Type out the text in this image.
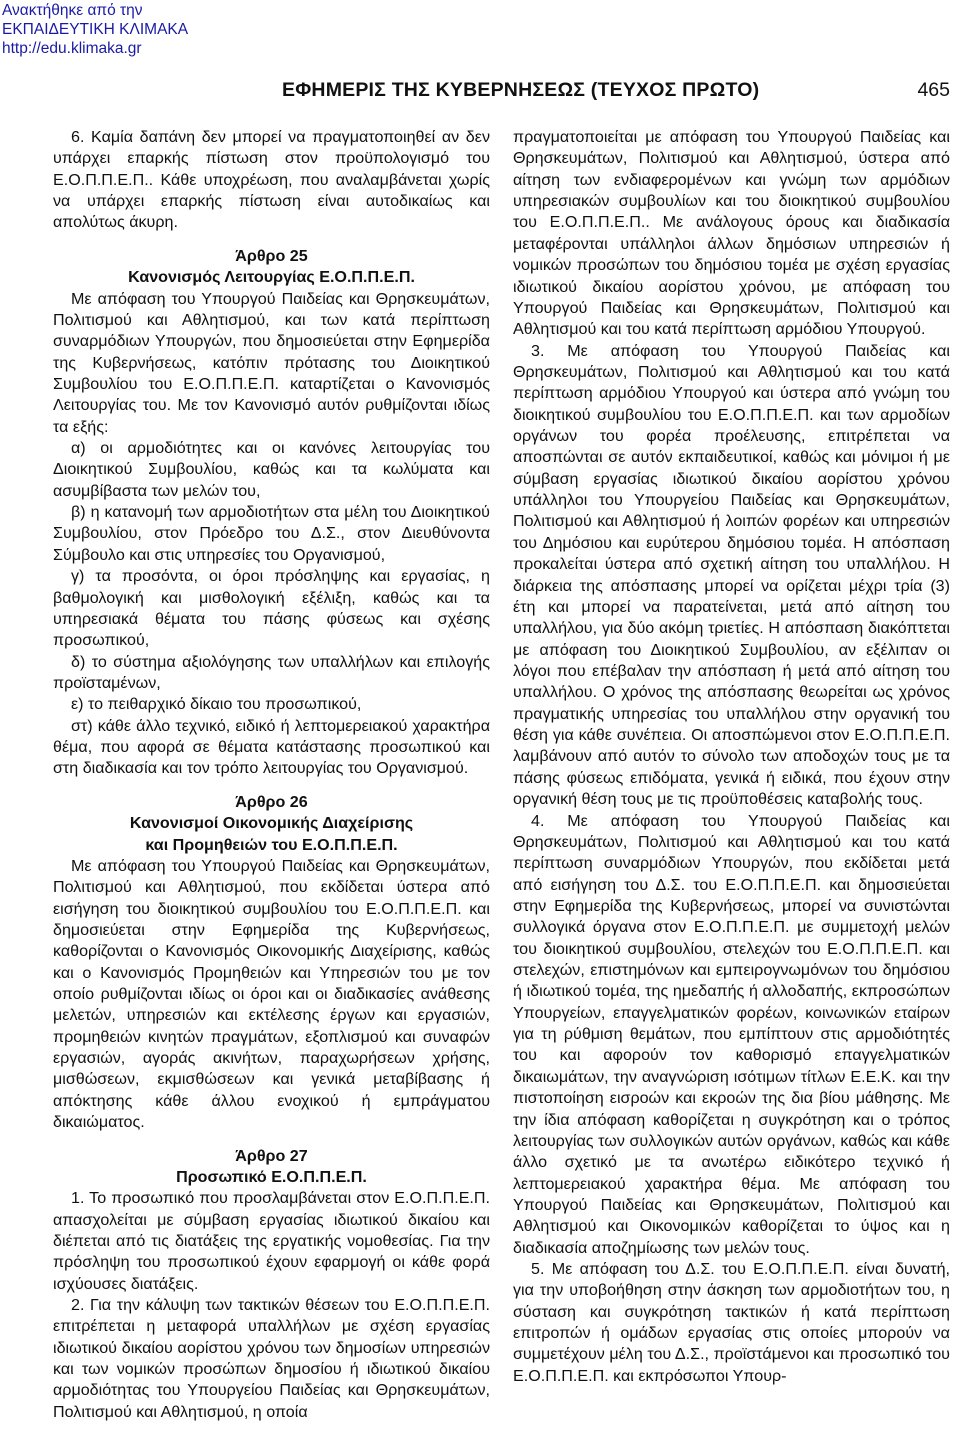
Ανακτήθηκε από την
ΕΚΠΑΙΔΕΥΤΙΚΗ ΚΛΙΜΑΚΑ
http://edu.klimaka.gr
ΕΦΗΜΕΡΙΣ ΤΗΣ ΚΥΒΕΡΝΗΣΕΩΣ (ΤΕΥΧΟΣ ΠΡΩΤΟ)	465

6. Καμία δαπάνη δεν μπορεί να πραγματοποιηθεί αν δεν υπάρχει επαρκής πίστωση στον προϋπολογισμό του Ε.Ο.Π.Π.Ε.Π.. Κάθε υποχρέωση, που αναλαμβάνεται χωρίς να υπάρχει επαρκής πίστωση είναι αυτοδικαίως και απολύτως άκυρη.

Άρθρο 25

Κανονισμός Λειτουργίας Ε.Ο.Π.Π.Ε.Π.

Με απόφαση του Υπουργού Παιδείας και Θρησκευμάτων, Πολιτισμού και Αθλητισμού, και των κατά περίπτωση συναρμόδιων Υπουργών, που δημοσιεύεται στην Εφημερίδα της Κυβερνήσεως, κατόπιν πρότασης του Διοικητικού Συμβουλίου του Ε.Ο.Π.Π.Ε.Π. καταρτίζεται ο Κανονισμός Λειτουργίας του. Με τον Κανονισμό αυτόν ρυθμίζονται ιδίως τα εξής:

α) οι αρμοδιότητες και οι κανόνες λειτουργίας του Διοικητικού Συμβουλίου, καθώς και τα κωλύματα και ασυμβίβαστα των μελών του,

β) η κατανομή των αρμοδιοτήτων στα μέλη του Διοικητικού Συμβουλίου, στον Πρόεδρο του Δ.Σ., στον Διευθύνοντα Σύμβουλο και στις υπηρεσίες του Οργανισμού,

γ) τα προσόντα, οι όροι πρόσληψης και εργασίας, η βαθμολογική και μισθολογική εξέλιξη, καθώς και τα υπηρεσιακά θέματα του πάσης φύσεως και σχέσης προσωπικού,

δ) το σύστημα αξιολόγησης των υπαλλήλων και επιλογής προϊσταμένων,

ε) το πειθαρχικό δίκαιο του προσωπικού,

στ) κάθε άλλο τεχνικό, ειδικό ή λεπτομερειακού χαρακτήρα θέμα, που αφορά σε θέματα κατάστασης προσωπικού και στη διαδικασία και τον τρόπο λειτουργίας του Οργανισμού.

Άρθρο 26

Κανονισμοί Οικονομικής Διαχείρισης

και Προμηθειών του Ε.Ο.Π.Π.Ε.Π.

Με απόφαση του Υπουργού Παιδείας και Θρησκευμάτων, Πολιτισμού και Αθλητισμού, που εκδίδεται ύστερα από εισήγηση του διοικητικού συμβουλίου του Ε.Ο.Π.Π.Ε.Π. και δημοσιεύεται στην Εφημερίδα της Κυβερνήσεως, καθορίζονται ο Κανονισμός Οικονομικής Διαχείρισης, καθώς και ο Κανονισμός Προμηθειών και Υπηρεσιών του με τον οποίο ρυθμίζονται ιδίως οι όροι και οι διαδικασίες ανάθεσης μελετών, υπηρεσιών και εκτέλεσης έργων και εργασιών, προμηθειών κινητών πραγμάτων, εξοπλισμού και συναφών εργασιών, αγοράς ακινήτων, παραχωρήσεων χρήσης, μισθώσεων, εκμισθώσεων και γενικά μεταβίβασης ή απόκτησης κάθε άλλου ενοχικού ή εμπράγματου δικαιώματος.

Άρθρο 27

Προσωπικό Ε.Ο.Π.Π.Ε.Π.

1. Το προσωπικό που προσλαμβάνεται στον Ε.Ο.Π.Π.Ε.Π. απασχολείται με σύμβαση εργασίας ιδιωτικού δικαίου και διέπεται από τις διατάξεις της εργατικής νομοθεσίας. Για την πρόσληψη του προσωπικού έχουν εφαρμογή οι κάθε φορά ισχύουσες διατάξεις.

2. Για την κάλυψη των τακτικών θέσεων του Ε.Ο.Π.Π.Ε.Π. επιτρέπεται η μεταφορά υπαλλήλων με σχέση εργασίας ιδιωτικού δικαίου αορίστου χρόνου των δημοσίων υπηρεσιών και των νομικών προσώπων δημοσίου ή ιδιωτικού δικαίου αρμοδιότητας του Υπουργείου Παιδείας και Θρησκευμάτων, Πολιτισμού και Αθλητισμού, η οποία

πραγματοποιείται με απόφαση του Υπουργού Παιδείας και Θρησκευμάτων, Πολιτισμού και Αθλητισμού, ύστερα από αίτηση των ενδιαφερομένων και γνώμη των αρμόδιων υπηρεσιακών συμβουλίων και του διοικητικού συμβουλίου του Ε.Ο.Π.Π.Ε.Π.. Με ανάλογους όρους και διαδικασία μεταφέρονται υπάλληλοι άλλων δημόσιων υπηρεσιών ή νομικών προσώπων του δημόσιου τομέα με σχέση εργασίας ιδιωτικού δικαίου αορίστου χρόνου, με απόφαση του Υπουργού Παιδείας και Θρησκευμάτων, Πολιτισμού και Αθλητισμού και του κατά περίπτωση αρμόδιου Υπουργού.

3. Με απόφαση του Υπουργού Παιδείας και Θρησκευμάτων, Πολιτισμού και Αθλητισμού και του κατά περίπτωση αρμόδιου Υπουργού και ύστερα από γνώμη του διοικητικού συμβουλίου του Ε.Ο.Π.Π.Ε.Π. και των αρμοδίων οργάνων του φορέα προέλευσης, επιτρέπεται να αποσπώνται σε αυτόν εκπαιδευτικοί, καθώς και μόνιμοι ή με σύμβαση εργασίας ιδιωτικού δικαίου αορίστου χρόνου υπάλληλοι του Υπουργείου Παιδείας και Θρησκευμάτων, Πολιτισμού και Αθλητισμού ή λοιπών φορέων και υπηρεσιών του Δημόσιου και ευρύτερου δημόσιου τομέα. Η απόσπαση προκαλείται ύστερα από σχετική αίτηση του υπαλλήλου. Η διάρκεια της απόσπασης μπορεί να ορίζεται μέχρι τρία (3) έτη και μπορεί να παρατείνεται, μετά από αίτηση του υπαλλήλου, για δύο ακόμη τριετίες. Η απόσπαση διακόπτεται με απόφαση του Διοικητικού Συμβουλίου, αν εξέλιπαν οι λόγοι που επέβαλαν την απόσπαση ή μετά από αίτηση του υπαλλήλου. Ο χρόνος της απόσπασης θεωρείται ως χρόνος πραγματικής υπηρεσίας του υπαλλήλου στην οργανική του θέση για κάθε συνέπεια. Οι αποσπώμενοι στον Ε.Ο.Π.Π.Ε.Π. λαμβάνουν από αυτόν το σύνολο των αποδοχών τους με τα πάσης φύσεως επιδόματα, γενικά ή ειδικά, που έχουν στην οργανική θέση τους με τις προϋποθέσεις καταβολής τους.

4. Με απόφαση του Υπουργού Παιδείας και Θρησκευμάτων, Πολιτισμού και Αθλητισμού και του κατά περίπτωση συναρμόδιων Υπουργών, που εκδίδεται μετά από εισήγηση του Δ.Σ. του Ε.Ο.Π.Π.Ε.Π. και δημοσιεύεται στην Εφημερίδα της Κυβερνήσεως, μπορεί να συνιστώνται συλλογικά όργανα στον Ε.Ο.Π.Π.Ε.Π. με συμμετοχή μελών του διοικητικού συμβουλίου, στελεχών του Ε.Ο.Π.Π.Ε.Π. και στελεχών, επιστημόνων και εμπειρογνωμόνων του δημόσιου ή ιδιωτικού τομέα, της ημεδαπής ή αλλοδαπής, εκπροσώπων Υπουργείων, επαγγελματικών φορέων, κοινωνικών εταίρων για τη ρύθμιση θεμάτων, που εμπίπτουν στις αρμοδιότητές του και αφορούν τον καθορισμό επαγγελματικών δικαιωμάτων, την αναγνώριση ισότιμων τίτλων Ε.Ε.Κ. και την πιστοποίηση εισροών και εκροών της δια βίου μάθησης. Με την ίδια απόφαση καθορίζεται η συγκρότηση και ο τρόπος λειτουργίας των συλλογικών αυτών οργάνων, καθώς και κάθε άλλο σχετικό με τα ανωτέρω ειδικότερο τεχνικό ή λεπτομερειακού χαρακτήρα θέμα. Με απόφαση του Υπουργού Παιδείας και Θρησκευμάτων, Πολιτισμού και Αθλητισμού και Οικονομικών καθορίζεται το ύψος και η διαδικασία αποζημίωσης των μελών τους.

5. Με απόφαση του Δ.Σ. του Ε.Ο.Π.Π.Ε.Π. είναι δυνατή, για την υποβοήθηση στην άσκηση των αρμοδιοτήτων του, η σύσταση και συγκρότηση τακτικών ή κατά περίπτωση επιτροπών ή ομάδων εργασίας στις οποίες μπορούν να συμμετέχουν μέλη του Δ.Σ., προϊστάμενοι και προσωπικό του Ε.Ο.Π.Π.Ε.Π. και εκπρόσωποι Υπουρ-
